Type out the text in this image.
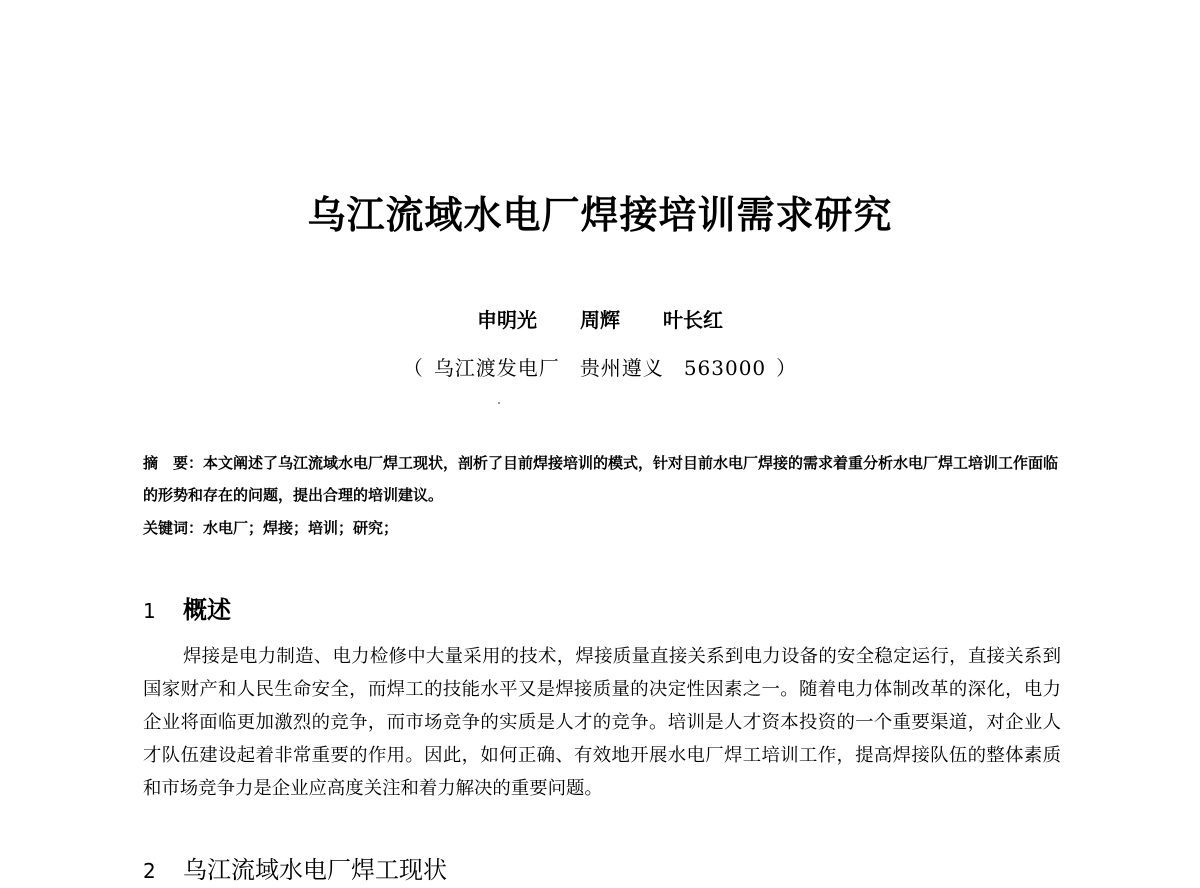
乌江流域水电厂焊接培训需求研究
申明光 周辉 叶长红
（ 乌江渡发电厂 贵州遵义 563000 ）
摘　要：本文阐述了乌江流域水电厂焊工现状，剖析了目前焊接培训的模式，针对目前水电厂焊接的需求着重分析水电厂焊工培训工作面临的形势和存在的问题，提出合理的培训建议。
关键词：水电厂；焊接；培训；研究；
1 概述
焊接是电力制造、电力检修中大量采用的技术，焊接质量直接关系到电力设备的安全稳定运行，直接关系到国家财产和人民生命安全，而焊工的技能水平又是焊接质量的决定性因素之一。随着电力体制改革的深化，电力企业将面临更加激烈的竞争，而市场竞争的实质是人才的竞争。培训是人才资本投资的一个重要渠道，对企业人才队伍建设起着非常重要的作用。因此，如何正确、有效地开展水电厂焊工培训工作，提高焊接队伍的整体素质和市场竞争力是企业应高度关注和着力解决的重要问题。
2 乌江流域水电厂焊工现状
